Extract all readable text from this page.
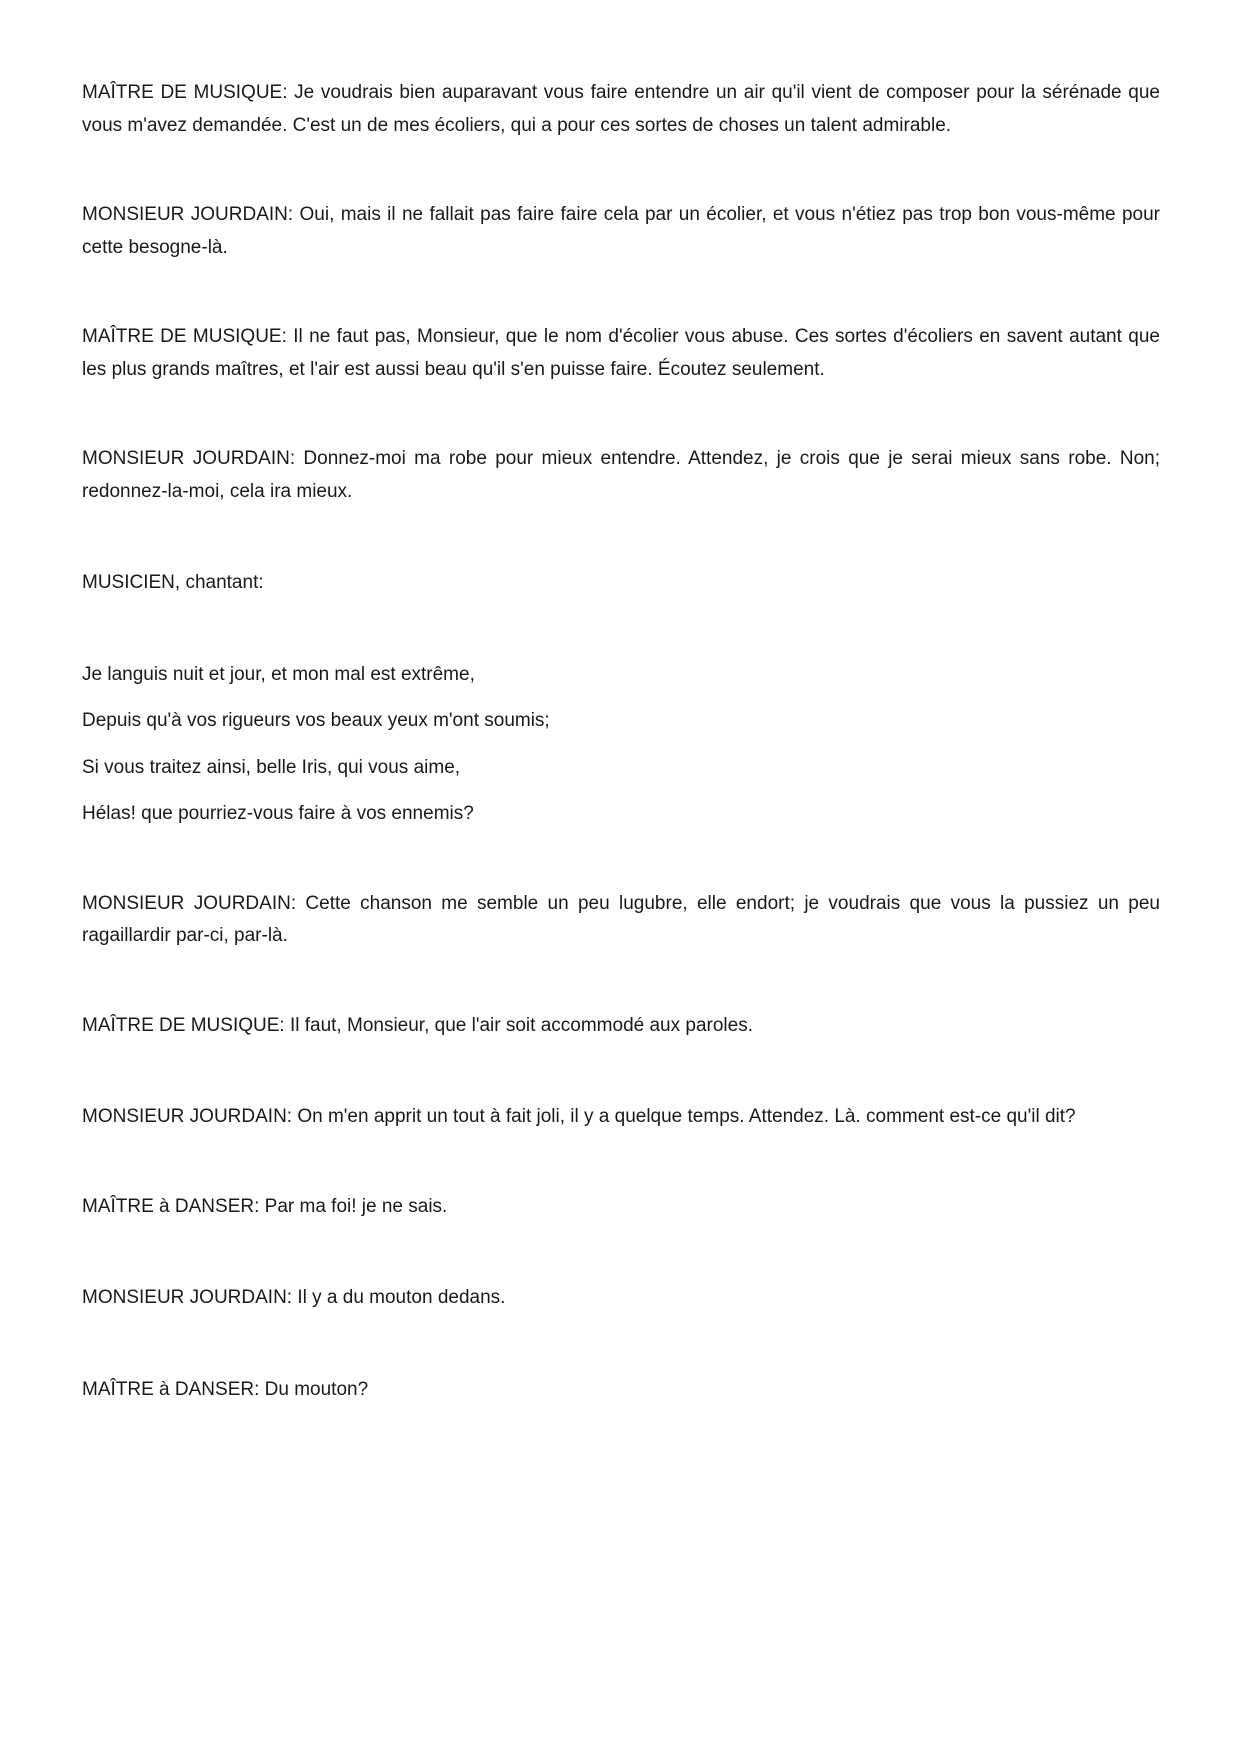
MAÎTRE DE MUSIQUE: Je voudrais bien auparavant vous faire entendre un air qu'il vient de composer pour la sérénade que vous m'avez demandée. C'est un de mes écoliers, qui a pour ces sortes de choses un talent admirable.

MONSIEUR JOURDAIN: Oui, mais il ne fallait pas faire faire cela par un écolier, et vous n'étiez pas trop bon vous-même pour cette besogne-là.

MAÎTRE DE MUSIQUE: Il ne faut pas, Monsieur, que le nom d'écolier vous abuse. Ces sortes d'écoliers en savent autant que les plus grands maîtres, et l'air est aussi beau qu'il s'en puisse faire. Écoutez seulement.

MONSIEUR JOURDAIN: Donnez-moi ma robe pour mieux entendre. Attendez, je crois que je serai mieux sans robe. Non; redonnez-la-moi, cela ira mieux.

MUSICIEN, chantant:

Je languis nuit et jour, et mon mal est extrême,

Depuis qu'à vos rigueurs vos beaux yeux m'ont soumis;

Si vous traitez ainsi, belle Iris, qui vous aime,

Hélas! que pourriez-vous faire à vos ennemis?

MONSIEUR JOURDAIN: Cette chanson me semble un peu lugubre, elle endort; je voudrais que vous la pussiez un peu ragaillardir par-ci, par-là.

MAÎTRE DE MUSIQUE: Il faut, Monsieur, que l'air soit accommodé aux paroles.

MONSIEUR JOURDAIN: On m'en apprit un tout à fait joli, il y a quelque temps. Attendez. Là. comment est-ce qu'il dit?

MAÎTRE à DANSER: Par ma foi! je ne sais.

MONSIEUR JOURDAIN: Il y a du mouton dedans.

MAÎTRE à DANSER: Du mouton?
